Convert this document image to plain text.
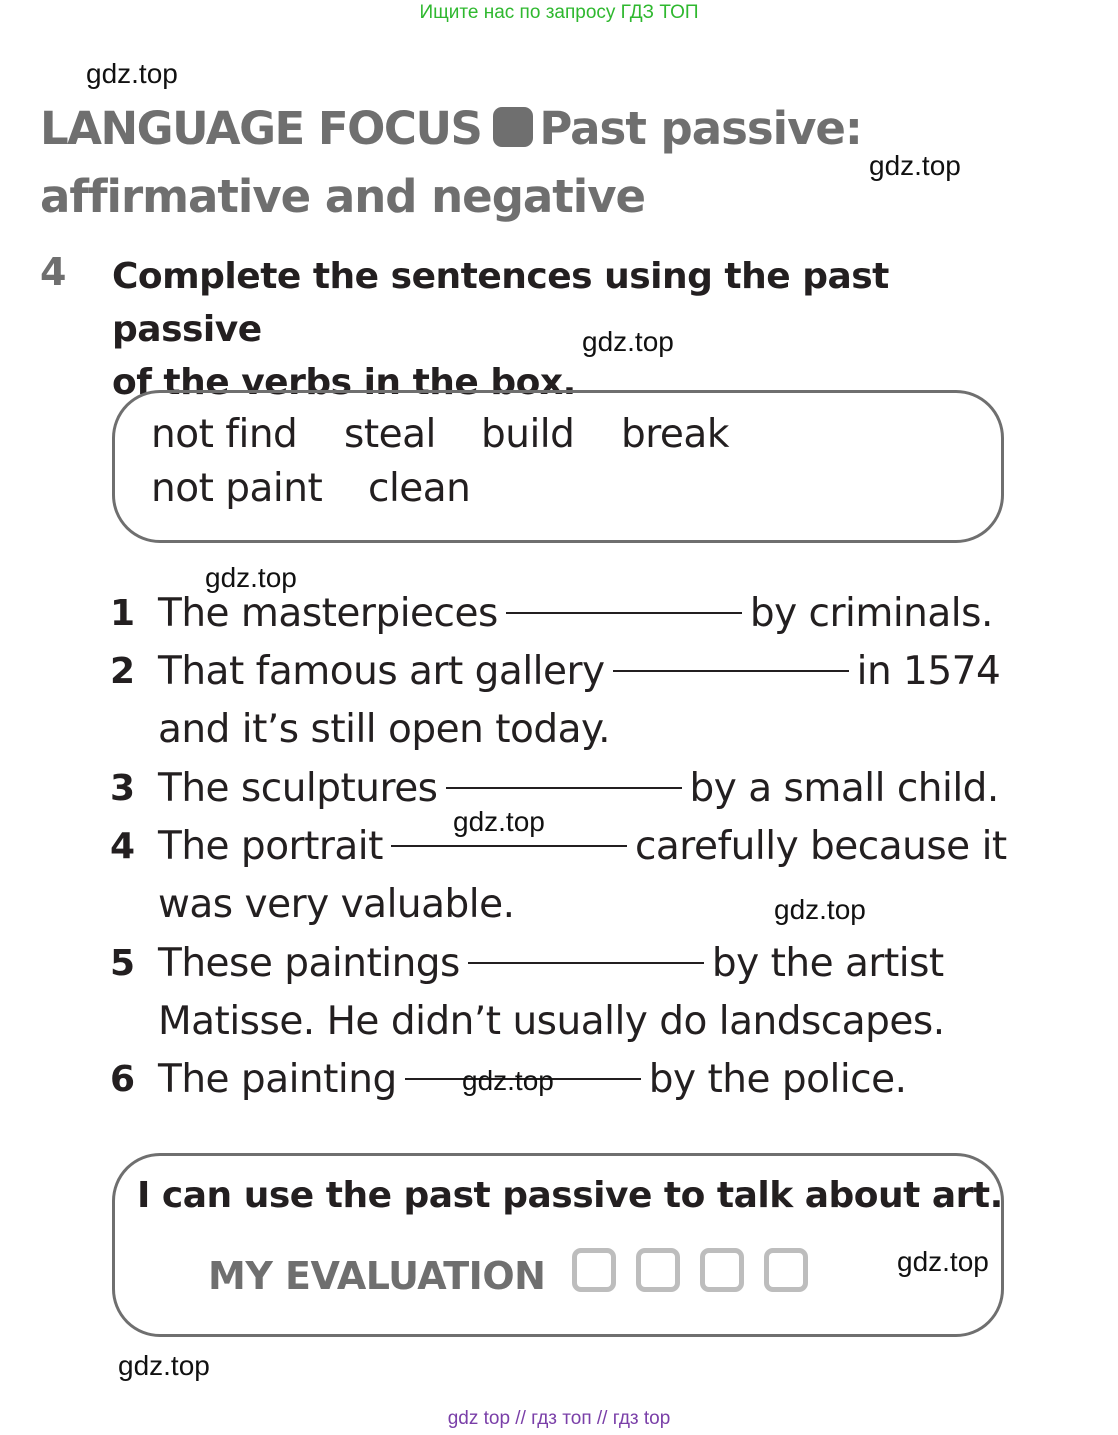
Ищите нас по запросу ГДЗ ТОП
gdz.top
gdz.top
LANGUAGE FOCUS Past passive:
affirmative and negative
4 Complete the sentences using the past passive
of the verbs in the box.
gdz.top
not find steal build break
not paint clean
gdz.top
1 The masterpieces	by criminals.
2 That famous art gallery	in 1574
and it’s still open today.
3 The sculptures	by a small child.
4 The portrait	carefully because it
was very valuable.
gdz.top
gdz.top
5 These paintings	by the artist
Matisse. He didn’t usually do landscapes.
6 The painting	by the police.
gdz.top
I can use the past passive to talk about art.
MY EVALUATION	gdz.top
gdz.top
gdz top // гдз топ // гдз top
